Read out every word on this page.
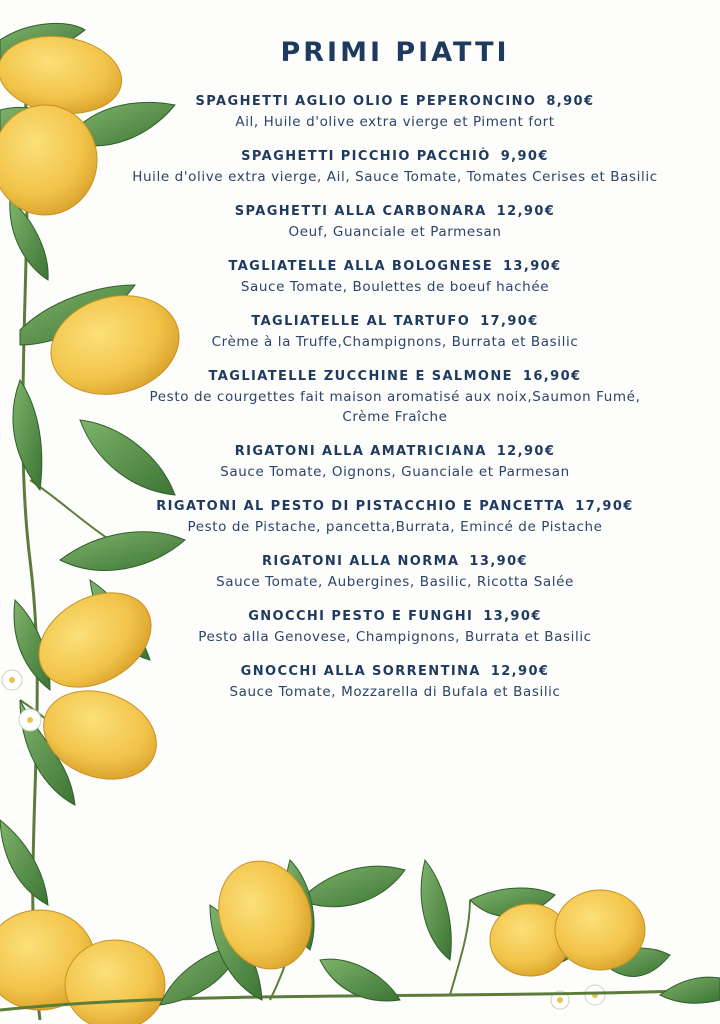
PRIMI PIATTI
SPAGHETTI AGLIO OLIO E PEPERONCINO 8,90€
Ail, Huile d'olive extra vierge et Piment fort
SPAGHETTI PICCHIO PACCHIÒ 9,90€
Huile d'olive extra vierge, Ail, Sauce Tomate, Tomates Cerises et Basilic
SPAGHETTI ALLA CARBONARA 12,90€
Oeuf, Guanciale et Parmesan
TAGLIATELLE ALLA BOLOGNESE 13,90€
Sauce Tomate, Boulettes de boeuf hachée
TAGLIATELLE AL TARTUFO 17,90€
Crème à la Truffe,Champignons, Burrata et Basilic
TAGLIATELLE ZUCCHINE E SALMONE 16,90€
Pesto de courgettes fait maison aromatisé aux noix,Saumon Fumé, Crème Fraîche
RIGATONI ALLA AMATRICIANA 12,90€
Sauce Tomate, Oignons, Guanciale et Parmesan
RIGATONI AL PESTO DI PISTACCHIO E PANCETTA 17,90€
Pesto de Pistache, pancetta,Burrata, Emincé de Pistache
RIGATONI ALLA NORMA 13,90€
Sauce Tomate, Aubergines, Basilic, Ricotta Salée
GNOCCHI PESTO E FUNGHI 13,90€
Pesto alla Genovese, Champignons, Burrata et Basilic
GNOCCHI ALLA SORRENTINA 12,90€
Sauce Tomate, Mozzarella di Bufala et Basilic
